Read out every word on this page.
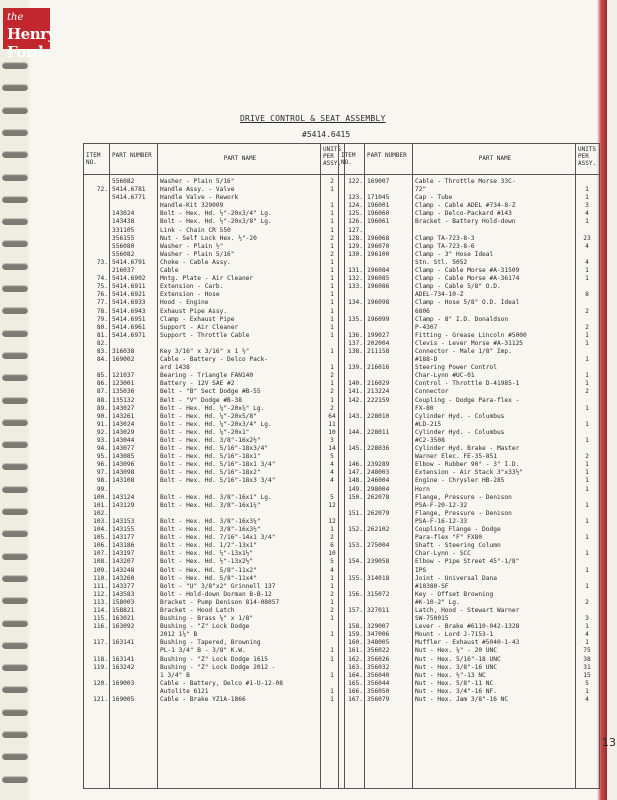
DRIVE CONTROL & SEAT ASSEMBLY
#5414.6415
ITEM NO.
PART NUMBER	PART NAME
UNITS PER ASSY.
556082	Washer - Plain 5/16"	2
72. 5414.6781 Handle Assy. - Valve	1
5414.6771 Handle Valve - Rework
Handle-Kit 329009	1
143024	Bolt - Hex. Hd. ½"-20x3/4" Lg.	1
143438	Bolt - Hex. Hd. ½"-20x3/8" Lg.	1
331105	Link - Chain CR 550	1
356155	Nut - Self Lock Hex. ½"-20	2
556080	Washer - Plain ½"	1
556082	Washer - Plain 5/16"	2
73. 5414.6791 Choke - Cable Assy.	1
216037	Cable	1
74. 5414.6902 Mntg. Plate - Air Cleaner	1
75. 5414.6911 Extension - Carb.	1
76. 5414.6921 Extension - Hose	1
77. 5414.6933 Hood - Engine	1
78. 5414.6943 Exhaust Pipe Assy.	1
79. 5414.6951 Clamp - Exhaust Pipe	1
80. 5414.6961 Support - Air Cleaner	1
81. 5414.6971 Support - Throttle Cable	1
82.
83. 316038	Key 3/16" x 3/16" x 1 ½"	1
84. 169002	Cable - Battery - Delco Pack-
ard 1438	1
85. 121037	Bearing - Triangle FAN140	2
86. 123001	Battery - 12V SAE #2	1
87. 135036	Belt - "B" Sect Dodge #B-55	2
88. 135132	Belt - "V" Dodge #B-38	1
89. 143027	Bolt - Hex. Hd. ¼"-20x⅞" Lg.	2
90. 143261	Bolt - Hex. Hd. ¼"-20x5/8"	64
91. 143024	Bolt - Hex. Hd. ¼"-20x3/4" Lg.	11
92. 143029	Bolt - Hex. Hd. ¼"-20x1"	10
93. 143044	Bolt - Hex. Hd. 3/8"-16x2½"	3
94. 143077	Bolt - Hex. Hd. 5/16"-18x3/4"	14
95. 143085	Bolt - Hex. Hd. 5/16"-18x1"	5
96. 143096	Bolt - Hex. Hd. 5/16"-18x1 3/4"	4
97. 143098	Bolt - Hex. Hd. 5/16"-18x2"	4
98. 143108	Bolt - Hex. Hd. 5/16"-18x3 3/4"	4
99.
100. 143124	Bolt - Hex. Hd. 3/8"-16x1" Lg.	5
101. 143129	Bolt - Hex. Hd. 3/8"-16x1¼"	12
102.
103. 143153	Bolt - Hex. Hd. 3/8"-16x3¼"	12
104. 143155	Bolt - Hex. Hd. 3/8"-16x3½"	1
105. 143177	Bolt - Hex. Hd. 7/16"-14x1 3/4"	2
106. 143186	Bolt - Hex. Hd. 1/2"-13x1"	6
107. 143197	Bolt - Hex. Hd. ½"-13x1½"	10
108. 143207	Bolt - Hex. Hd. ½"-13x2½"	5
109. 143248	Bolt - Hex. Hd. 5/8"-11x2"	4
110. 143260	Bolt - Hex. Hd. 5/8"-11x4"	1
111. 143377	Bolt - "U" 3/8"x2" Grinnell 137	1
112. 143583	Bolt - Hold-down Dorman B-B-12	2
113. 158003	Bracket - Pump Denison 814-08057	1
114. 158821	Bracket - Hood Latch	2
115. 163021	Bushing - Brass ⅛" x 1/8"	1
116. 163092	Bushing - "Z" Lock Dodge
2012 1¼" B	1
117. 163141	Bushing - Tapered, Browning
PL-1 3/4" B - 3/8" K.W.	1
118. 163141	Bushing - "Z" Lock Dodge 1615	1
119. 163242	Bushing - "Z" Lock Dodge 2012 -
1 3/4" B	1
120. 169003	Cable - Battery, Delco #1-U-12-08
Autolite 6121	1
121. 169005	Cable - Brake YZ1A-1866	1
ITEM NO.
PART NUMBER	PART NAME
UNITS PER ASSY.
122. 169007	Cable - Throttle Morse 33C-
72"	1
123. 171045	Cap - Tube	1
124. 196001	Clamp - Cable ADEL #734-8-Z	3
125. 196060	Clamp - Delco-Packard #143	4
126. 196061	Bracket - Battery Hold-down	1
127.
128. 196068	Clamp TA-723-8-3	23
129. 196070	Clamp TA-723-8-6	4
130. 196100	Clamp - 3" Hose Ideal
Stn. Stl. 5052	4
131. 196084	Clamp - Cable Morse #A-31509	1
132. 196085	Clamp - Cable Morse #A-36174	1
133. 196086	Clamp - Cable 5/8" O.D.
ADEL-734-10-Z	8
134. 196098	Clamp - Hose 5/8" O.D. Ideal
6806	2
135. 196099	Clamp - 8" I.D. Donaldson
P-4307	2
136. 199027	Fitting - Grease Lincoln #5000	1
137. 202004	Clevis - Lever Morse #A-31125	1
138. 211158	Connector - Male 1/8" Imp.
#188-D	1
139. 216016	Steering Power Control
Char-Lynn #UC-01	1
140. 216029	Control - Throttle D-41985-1	1
141. 213224	Connector	2
142. 222159	Coupling - Dodge Para-flex -
FX-80	1
143. 228010	Cylinder Hyd. - Columbus
#LD-215	1
144. 228011	Cylinder Hyd. - Columbus
#C2-3508	1
145. 228036	Cylinder Hyd. Brake - Master
Warner Elec. FE-35-851	2
146. 239289	Elbow - Rubber 90° - 3" I.D.	1
147. 248003	Extension - Air Stack 3"x33½"	1
148. 246004	Engine - Chrysler HB-285	1
149. 298004	Horn	1
150. 262078	Flange, Pressure - Denison
PSA-F-20-12-32	1
151. 262079	Flange, Pressure - Denison
PSA-F-16-12-33	1
152. 262102	Coupling Flange - Dodge
Para-flex "F" FX80	1
153. 275004	Shaft - Steering Column
Char-Lynn - SCC	1
154. 239058	Elbow - Pipe Street 45°-1/8"
IPS	1
155. 314018	Joint - Universal Dana
#10380-SF	1
156. 315072	Key - Offset Browning
#K-10-2" Lg.	2
157. 327011	Latch, Hood - Stewart Warner
SW-750015	3
158. 329007	Lever - Brake #6110-042-1328	1
159. 347006	Mount - Lord J-7153-1	4
160. 348005	Muffler - Exhaust #5040-1-43	1
161. 356022	Nut - Hex. ¼" - 20 UNC	75
162. 356026	Nut - Hex. 5/16"-18 UNC	38
163. 356032	Nut - Hex. 3/8"-16 UNC	31
164. 356040	Nut - Hex. ½"-13 NC	15
165. 356044	Nut - Hex. 5/8"-11 NC	5
166. 356050	Nut - Hex. 3/4"-16 NF.	1
167. 356079	Nut - Hex. Jam 3/8"-16 NC	4
13
the
Henry Ford
